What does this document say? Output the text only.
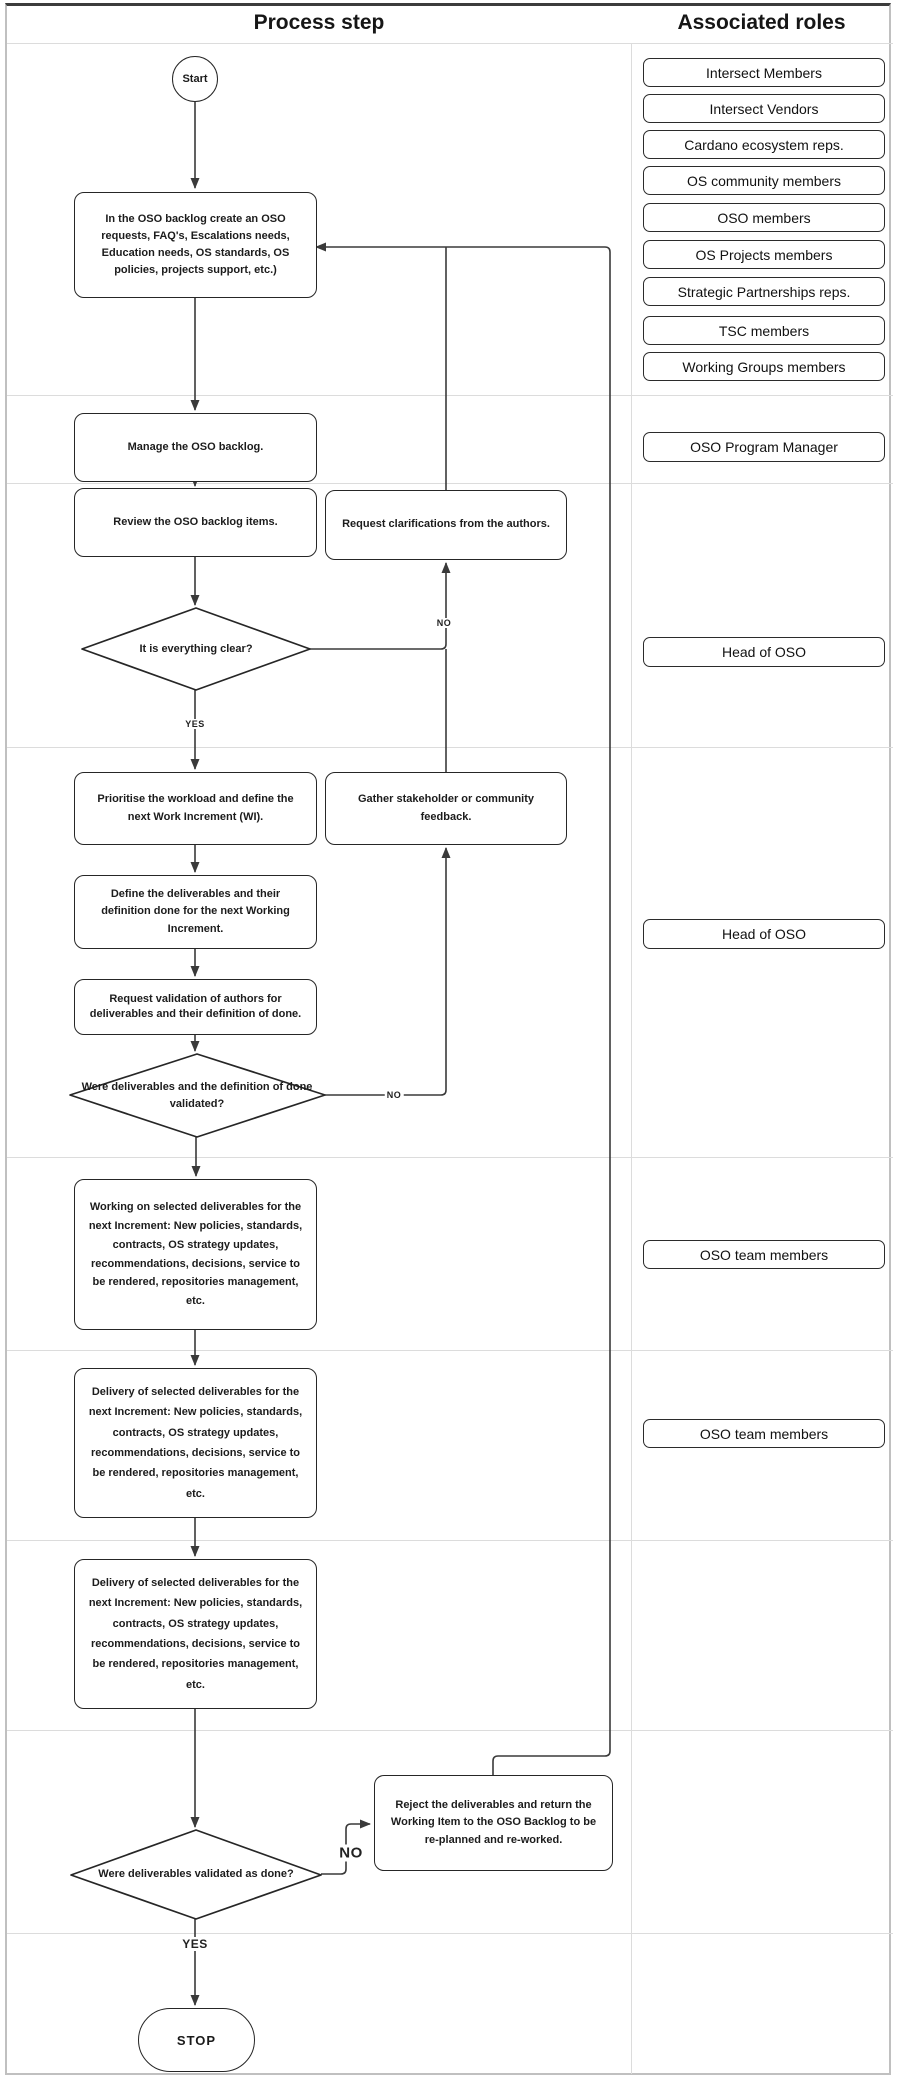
Process step	Associated roles
Start
In the OSO backlog create an OSO requests, FAQ's, Escalations needs, Education needs, OS standards, OS policies, projects support, etc.)
Manage the OSO backlog.
Review the OSO backlog items.	Request clarifications from the authors.
It is everything clear?
Prioritise the workload and define the next Work Increment (WI).
Gather stakeholder or community feedback.
Define the deliverables and their definition done for the next Working Increment.
Request validation of authors for deliverables and their definition of done.
Were deliverables and the definition of done validated?
Working on selected deliverables for the next Increment: New policies, standards, contracts, OS strategy updates, recommendations, decisions, service to be rendered, repositories management, etc.
Delivery of selected deliverables for the next Increment: New policies, standards, contracts, OS strategy updates, recommendations, decisions, service to be rendered, repositories management, etc.
Delivery of selected deliverables for the next Increment: New policies, standards, contracts, OS strategy updates, recommendations, decisions, service to be rendered, repositories management, etc.
Were deliverables validated as done?
Reject the deliverables and return the Working Item to the OSO Backlog to be re-planned and re-worked.
STOP
YES
NO
NO
NO
YES
Intersect Members
Intersect Vendors
Cardano ecosystem reps.
OS community members
OSO members
OS Projects members
Strategic Partnerships reps.
TSC members
Working Groups members
OSO Program Manager
Head of OSO
Head of OSO
OSO team members
OSO team members
